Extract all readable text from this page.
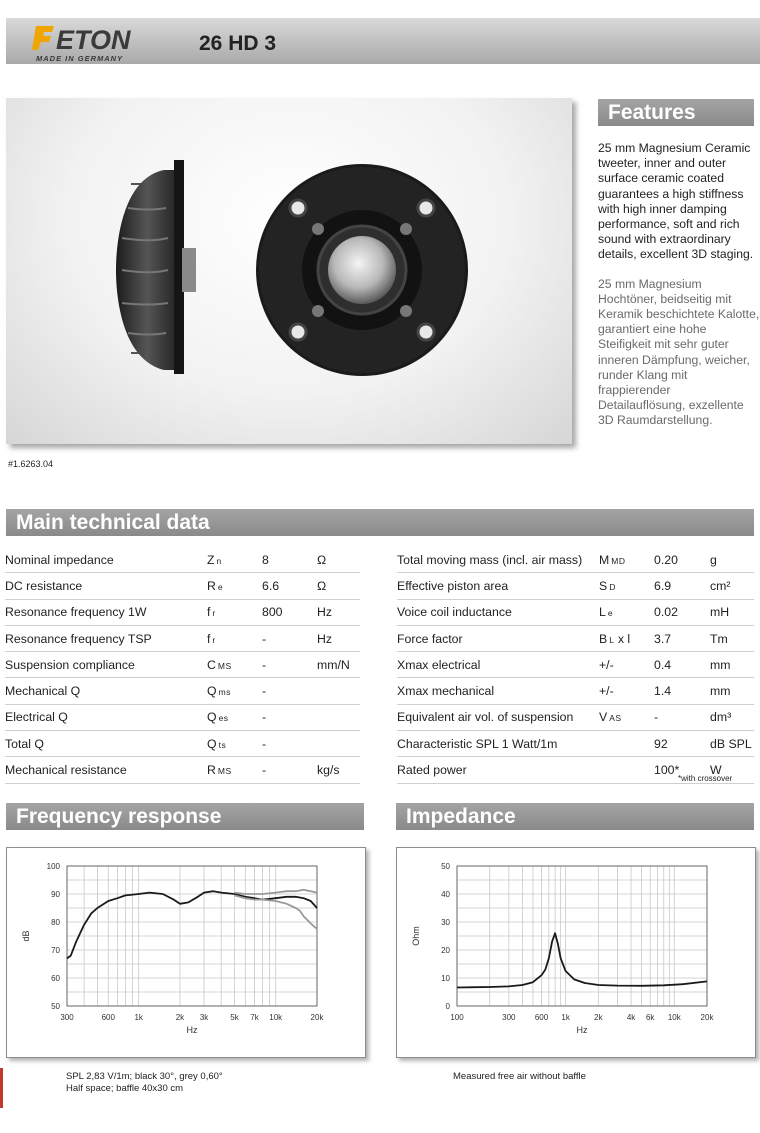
ETON
MADE IN GERMANY
26 HD 3
#1.6263.04
Features

25 mm Magnesium Ceramic tweeter, inner and outer surface ceramic coated guarantees a high stiffness with high inner damping performance, soft and rich sound with extraordinary details, excellent 3D staging.

25 mm Magnesium Hochtöner, beidseitig mit Keramik beschichtete Kalotte, garantiert eine hohe Steifigkeit mit sehr guter inneren Dämpfung, weicher, runder Klang mit frappierender Detailauflösung, exzellente 3D Raumdarstellung.

Main technical data
Nominal impedance	Z n	8	Ω
DC resistance	R e	6.6	Ω
Resonance frequency 1W	f r	800	Hz
Resonance frequency TSP	f r	-	Hz
Suspension compliance	C MS	-	mm/N
Mechanical Q	Q ms	-	
Electrical Q	Q es	-	
Total Q	Q ts	-	
Mechanical resistance	R MS	-	kg/s
Total moving mass (incl. air mass)	M MD	0.20	g
Effective piston area	S D	6.9	cm²
Voice coil inductance	L e	0.02	mH
Force factor	B L x l	3.7	Tm
Xmax electrical	+/-	0.4	mm
Xmax mechanical	+/-	1.4	mm
Equivalent air vol. of suspension	V AS	-	dm³
Characteristic SPL 1 Watt/1m		92	dB SPL
Rated power		100*	W
*with crossover
Frequency response
100
90
80
70
60
50
300	600 1k	2k 3k	5k 7k 10k	20k
Hz
dB
SPL 2,83 V/1m; black 30°, grey 0,60°
Half space; baffle 40x30 cm
Impedance
50
40
30
20
10
0
100	300 600 1k	2k	4k 6k 10k 20k
Hz
Ohm
Measured free air without baffle
